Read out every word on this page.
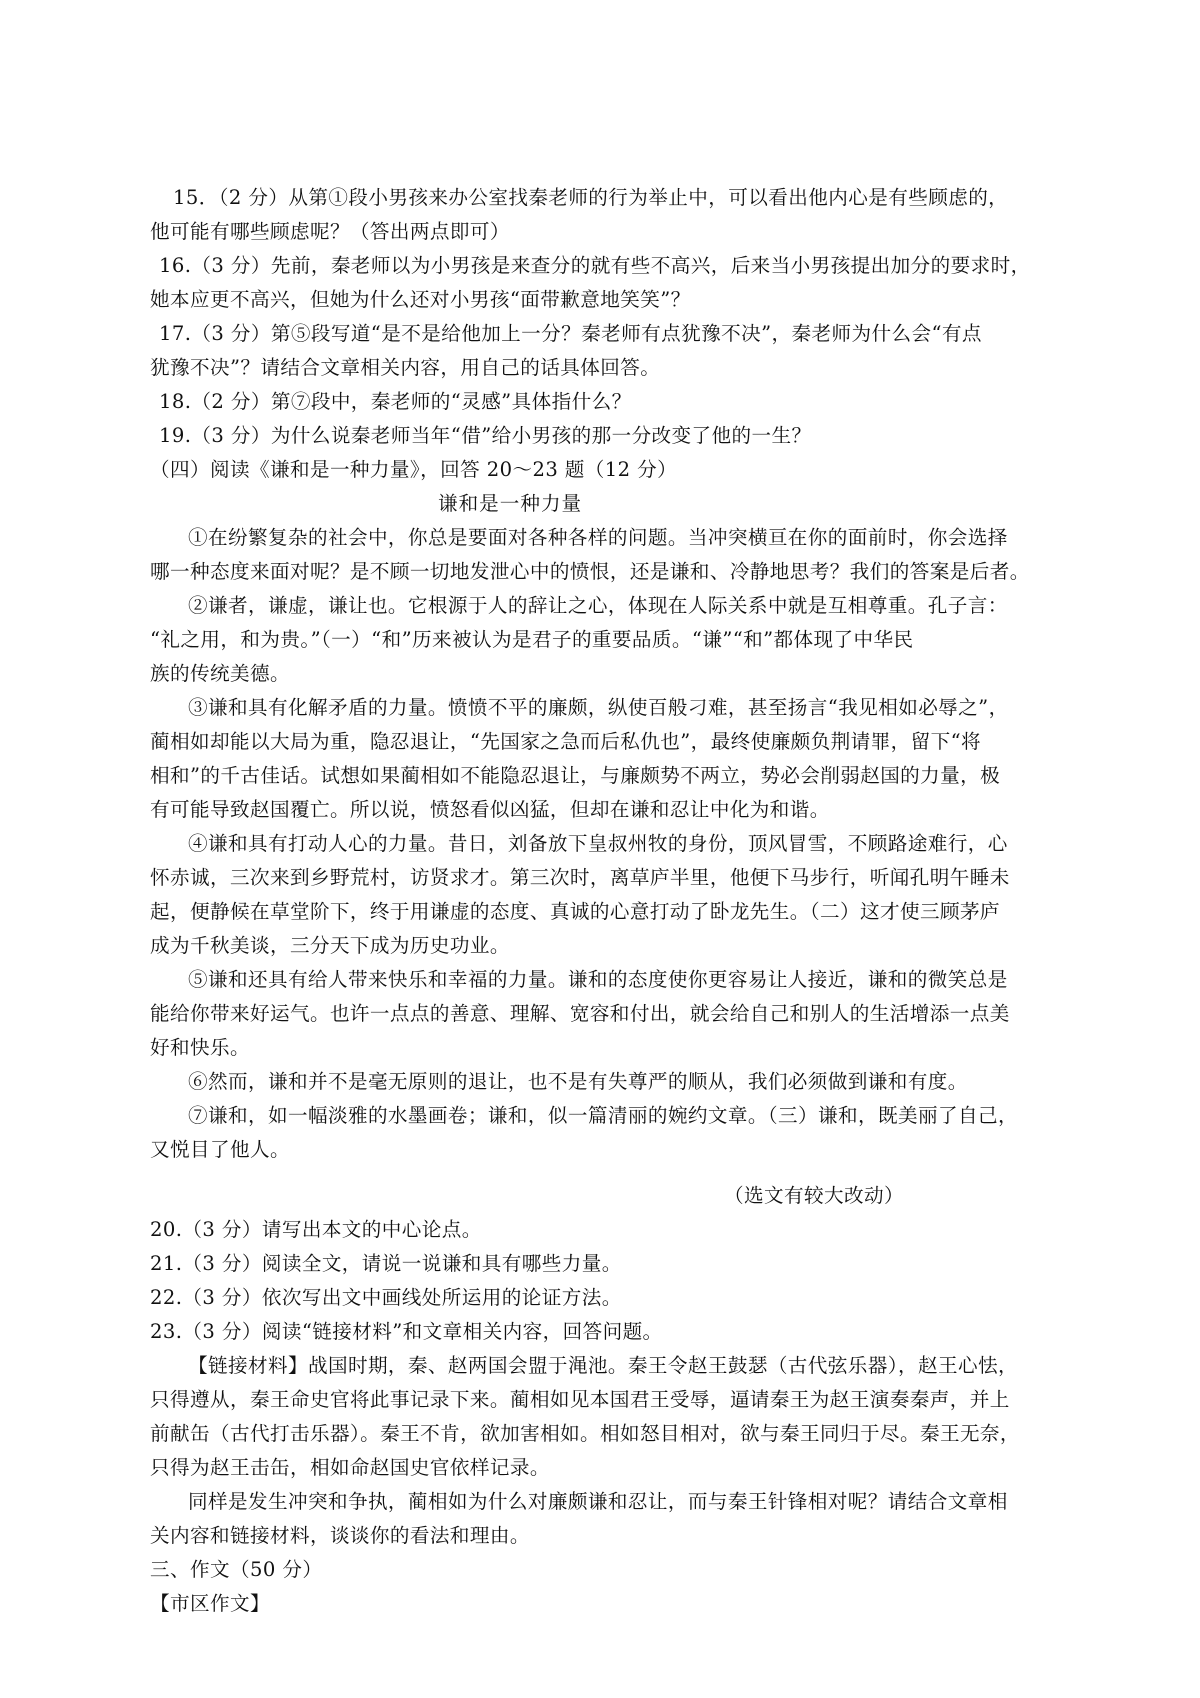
15．（2 分）从第①段小男孩来办公室找秦老师的行为举止中，可以看出他内心是有些顾虑的，
他可能有哪些顾虑呢？（答出两点即可）
16.（3 分）先前，秦老师以为小男孩是来查分的就有些不高兴，后来当小男孩提出加分的要求时，
她本应更不高兴，但她为什么还对小男孩“面带歉意地笑笑”？
17.（3 分）第⑤段写道“是不是给他加上一分？秦老师有点犹豫不决”，秦老师为什么会“有点
犹豫不决”？请结合文章相关内容，用自己的话具体回答。
18.（2 分）第⑦段中，秦老师的“灵感”具体指什么？
19.（3 分）为什么说秦老师当年“借”给小男孩的那一分改变了他的一生？
（四）阅读《谦和是一种力量》，回答 20～23 题（12 分）
谦和是一种力量
①在纷繁复杂的社会中，你总是要面对各种各样的问题。当冲突横亘在你的面前时，你会选择
哪一种态度来面对呢？是不顾一切地发泄心中的愤恨，还是谦和、冷静地思考？我们的答案是后者。
②谦者，谦虚，谦让也。它根源于人的辞让之心，体现在人际关系中就是互相尊重。孔子言：
“礼之用，和为贵。”（一）“和”历来被认为是君子的重要品质。“谦”“和”都体现了中华民
族的传统美德。
③谦和具有化解矛盾的力量。愤愤不平的廉颇，纵使百般刁难，甚至扬言“我见相如必辱之”，
蔺相如却能以大局为重，隐忍退让，“先国家之急而后私仇也”，最终使廉颇负荆请罪，留下“将
相和”的千古佳话。试想如果蔺相如不能隐忍退让，与廉颇势不两立，势必会削弱赵国的力量，极
有可能导致赵国覆亡。所以说，愤怒看似凶猛，但却在谦和忍让中化为和谐。
④谦和具有打动人心的力量。昔日，刘备放下皇叔州牧的身份，顶风冒雪，不顾路途难行，心
怀赤诚，三次来到乡野荒村，访贤求才。第三次时，离草庐半里，他便下马步行，听闻孔明午睡未
起，便静候在草堂阶下，终于用谦虚的态度、真诚的心意打动了卧龙先生。（二）这才使三顾茅庐
成为千秋美谈，三分天下成为历史功业。
⑤谦和还具有给人带来快乐和幸福的力量。谦和的态度使你更容易让人接近，谦和的微笑总是
能给你带来好运气。也许一点点的善意、理解、宽容和付出，就会给自己和别人的生活增添一点美
好和快乐。
⑥然而，谦和并不是毫无原则的退让，也不是有失尊严的顺从，我们必须做到谦和有度。
⑦谦和，如一幅淡雅的水墨画卷；谦和，似一篇清丽的婉约文章。（三）谦和，既美丽了自己，
又悦目了他人。
（选文有较大改动）
20.（3 分）请写出本文的中心论点。
21.（3 分）阅读全文，请说一说谦和具有哪些力量。
22.（3 分）依次写出文中画线处所运用的论证方法。
23.（3 分）阅读“链接材料”和文章相关内容，回答问题。
【链接材料】战国时期，秦、赵两国会盟于渑池。秦王令赵王鼓瑟（古代弦乐器），赵王心怯，
只得遵从，秦王命史官将此事记录下来。蔺相如见本国君王受辱，逼请秦王为赵王演奏秦声，并上
前献缶（古代打击乐器）。秦王不肯，欲加害相如。相如怒目相对，欲与秦王同归于尽。秦王无奈，
只得为赵王击缶，相如命赵国史官依样记录。
同样是发生冲突和争执，蔺相如为什么对廉颇谦和忍让，而与秦王针锋相对呢？请结合文章相
关内容和链接材料，谈谈你的看法和理由。
三、作文（50 分）
【市区作文】
